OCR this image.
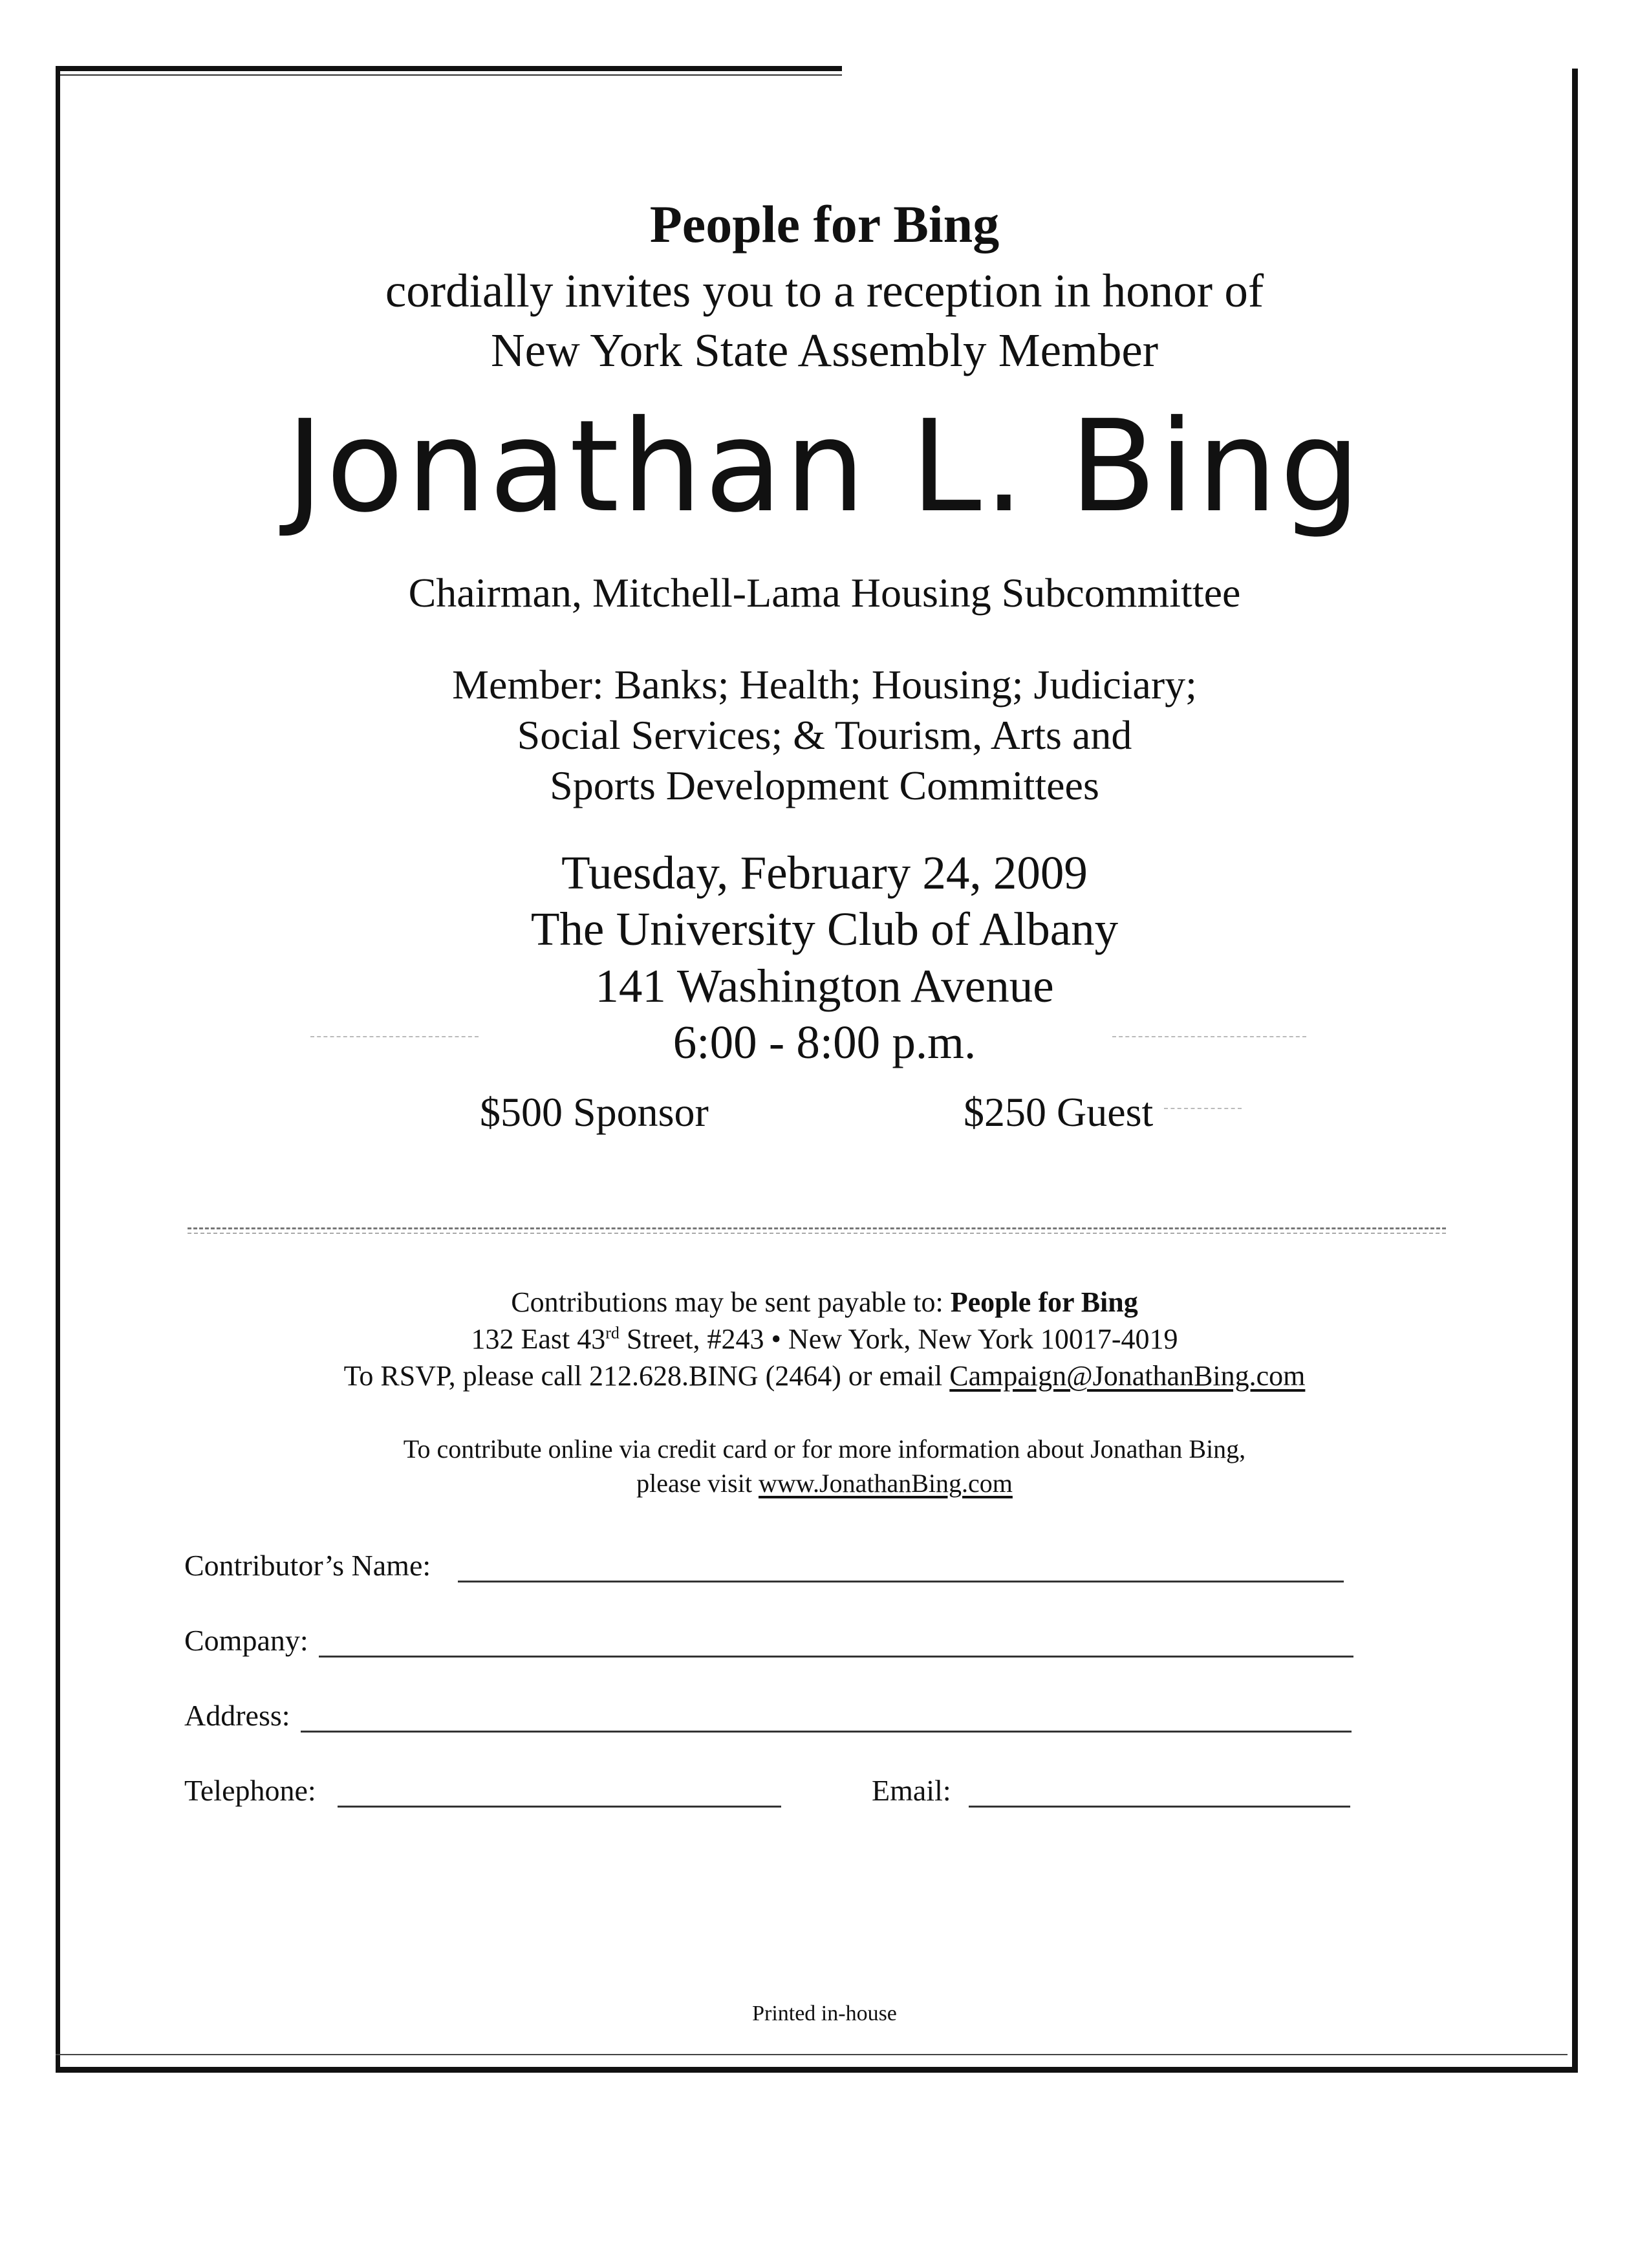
People for Bing
cordially invites you to a reception in honor of
New York State Assembly Member
Jonathan L. Bing
Chairman, Mitchell-Lama Housing Subcommittee
Member: Banks; Health; Housing; Judiciary;
Social Services; & Tourism, Arts and
Sports Development Committees
Tuesday, February 24, 2009
The University Club of Albany
141 Washington Avenue
6:00 - 8:00 p.m.
$500 Sponsor	$250 Guest
Contributions may be sent payable to: People for Bing
132 East 43rd Street, #243 • New York, New York 10017-4019
To RSVP, please call 212.628.BING (2464) or email Campaign@JonathanBing.com
To contribute online via credit card or for more information about Jonathan Bing,
please visit www.JonathanBing.com
Contributor’s Name:
Company:
Address:
Telephone:	Email:
Printed in-house
